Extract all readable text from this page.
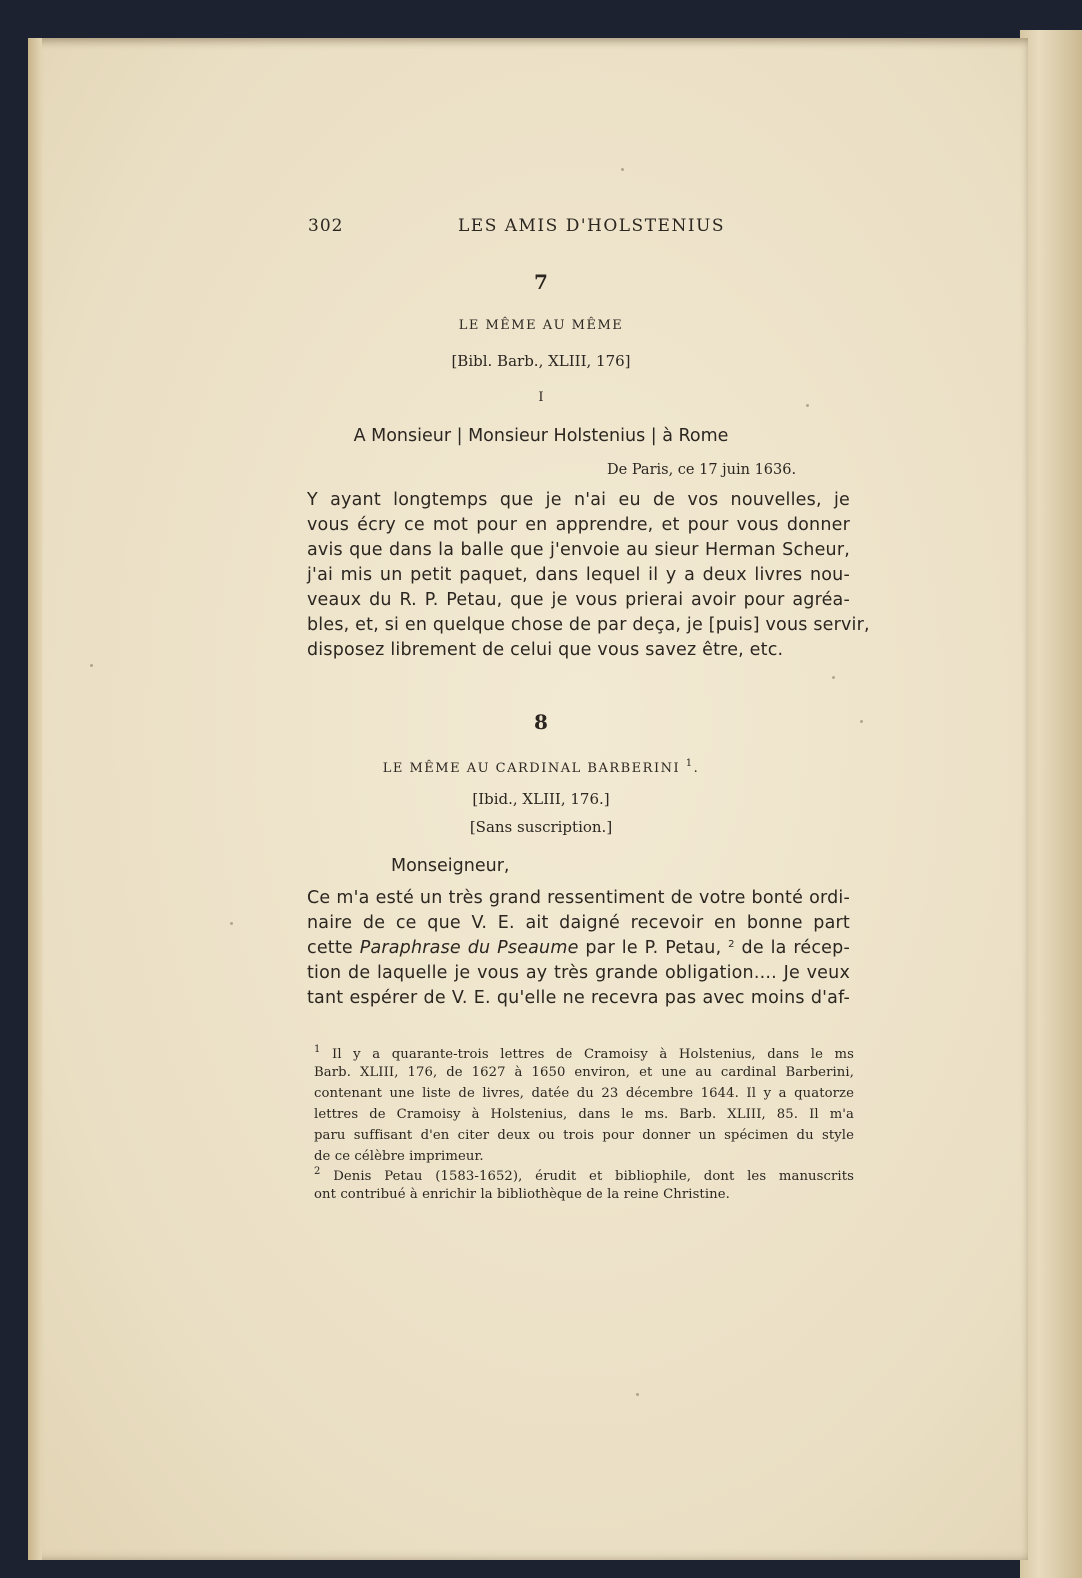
302	LES AMIS D'HOLSTENIUS
7
LE MÊME AU MÊME
[Bibl. Barb., XLIII, 176]
I
A Monsieur | Monsieur Holstenius | à Rome
De Paris, ce 17 juin 1636.
Y ayant longtemps que je n'ai eu de vos nouvelles, je
vous écry ce mot pour en apprendre, et pour vous donner
avis que dans la balle que j'envoie au sieur Herman Scheur,
j'ai mis un petit paquet, dans lequel il y a deux livres nou-
veaux du R. P. Petau, que je vous prierai avoir pour agréa-
bles, et, si en quelque chose de par deça, je [puis] vous servir,
disposez librement de celui que vous savez être, etc.
8
LE MÊME AU CARDINAL BARBERINI $^1$.
[Ibid., XLIII, 176.]
[Sans suscription.]
Monseigneur,
Ce m'a esté un très grand ressentiment de votre bonté ordi-
naire de ce que V. E. ait daigné recevoir en bonne part
cette Paraphrase du Pseaume par le P. Petau, $^2$ de la récep-
tion de laquelle je vous ay très grande obligation.... Je veux
tant espérer de V. E. qu'elle ne recevra pas avec moins d'af-
$^1$ Il y a quarante-trois lettres de Cramoisy à Holstenius, dans le ms
Barb. XLIII, 176, de 1627 à 1650 environ, et une au cardinal Barberini,
contenant une liste de livres, datée du 23 décembre 1644. Il y a quatorze
lettres de Cramoisy à Holstenius, dans le ms. Barb. XLIII, 85. Il m'a
paru suffisant d'en citer deux ou trois pour donner un spécimen du style
de ce célèbre imprimeur.
$^2$ Denis Petau (1583-1652), érudit et bibliophile, dont les manuscrits
ont contribué à enrichir la bibliothèque de la reine Christine.
